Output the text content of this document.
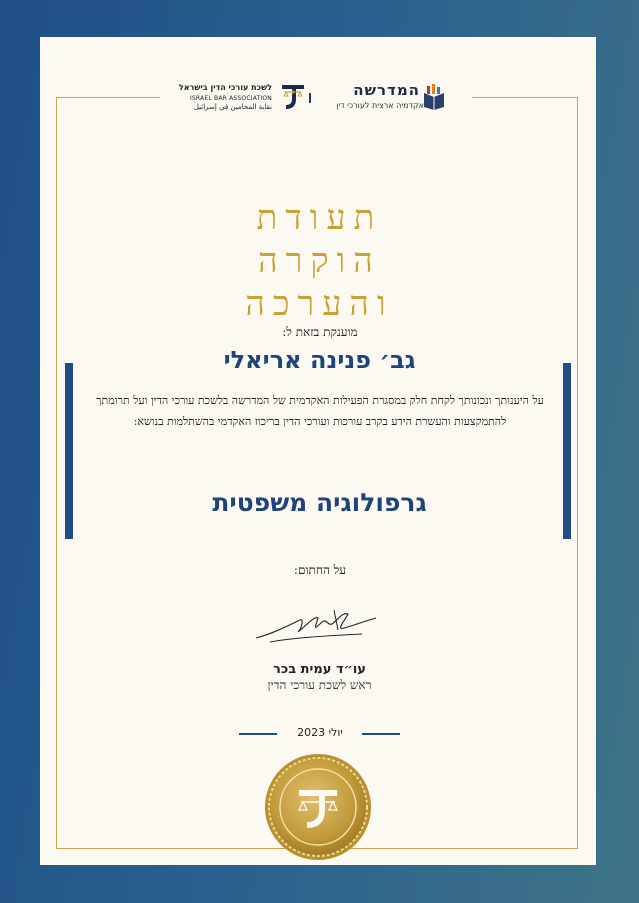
לשכת עורכי הדין בישראל
ISRAEL BAR ASSOCIATION
نقابة المحامين في إسرائيل
המדרשה
אקדמיה ארצית לעורכי דין
תעודת
הוקרה
והערכה
מוענקת בזאת ל:
גב׳ פנינה אריאלי
על היענותך ונכונותך לקחת חלק במסגרת הפעילות האקדמית של המדרשה בלשכת עורכי הדין ועל תרומתך להתמקצעות והעשרת הידע בקרב עורכות ועורכי הדין בריכוז האקדמי בהשתלמות בנושא:
גרפולוגיה משפטית
על החתום:
עו״ד עמית בכר
ראש לשכת עורכי הדין
יולי 2023
